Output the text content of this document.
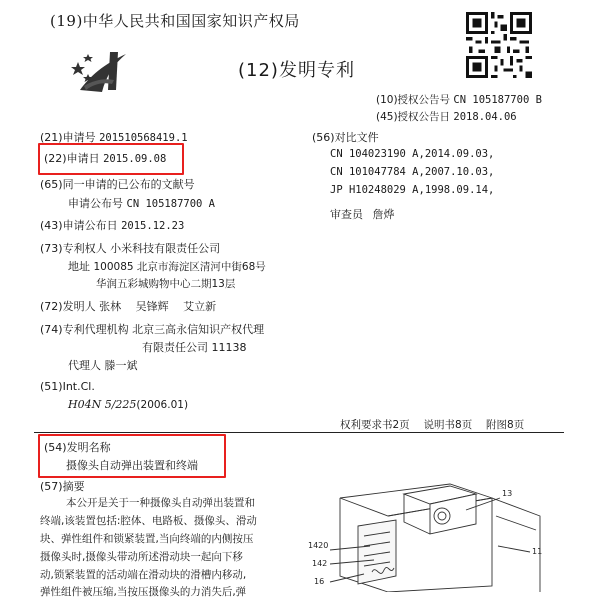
(19)中华人民共和国国家知识产权局
(12)发明专利
(10)授权公告号 CN 105187700 B
(45)授权公告日 2018.04.06
(21)申请号 201510568419.1
(22)申请日 2015.09.08
(65)同一申请的已公布的文献号
申请公布号 CN 105187700 A
(43)申请公布日 2015.12.23
(73)专利权人 小米科技有限责任公司
地址 100085 北京市海淀区清河中街68号
华润五彩城购物中心二期13层
(72)发明人 张林　 吴锋辉　 艾立新
(74)专利代理机构 北京三高永信知识产权代理
有限责任公司 11138
代理人 滕一斌
(51)Int.Cl.
H04N 5/225(2006.01)
(56)对比文件
CN 104023190 A,2014.09.03,
CN 101047784 A,2007.10.03,
JP H10248029 A,1998.09.14,
审查员 詹烨
权利要求书2页　 说明书8页　 附图8页
(54)发明名称
摄像头自动弹出装置和终端
(57)摘要
本公开是关于一种摄像头自动弹出装置和
终端,该装置包括:腔体、电路板、摄像头、滑动
块、弹性组件和锁紧装置,当向终端的内侧按压
摄像头时,摄像头带动所述滑动块一起向下移
动,锁紧装置的活动端在滑动块的滑槽内移动,
弹性组件被压缩,当按压摄像头的力消失后,弹
13
1420
142
16
11
